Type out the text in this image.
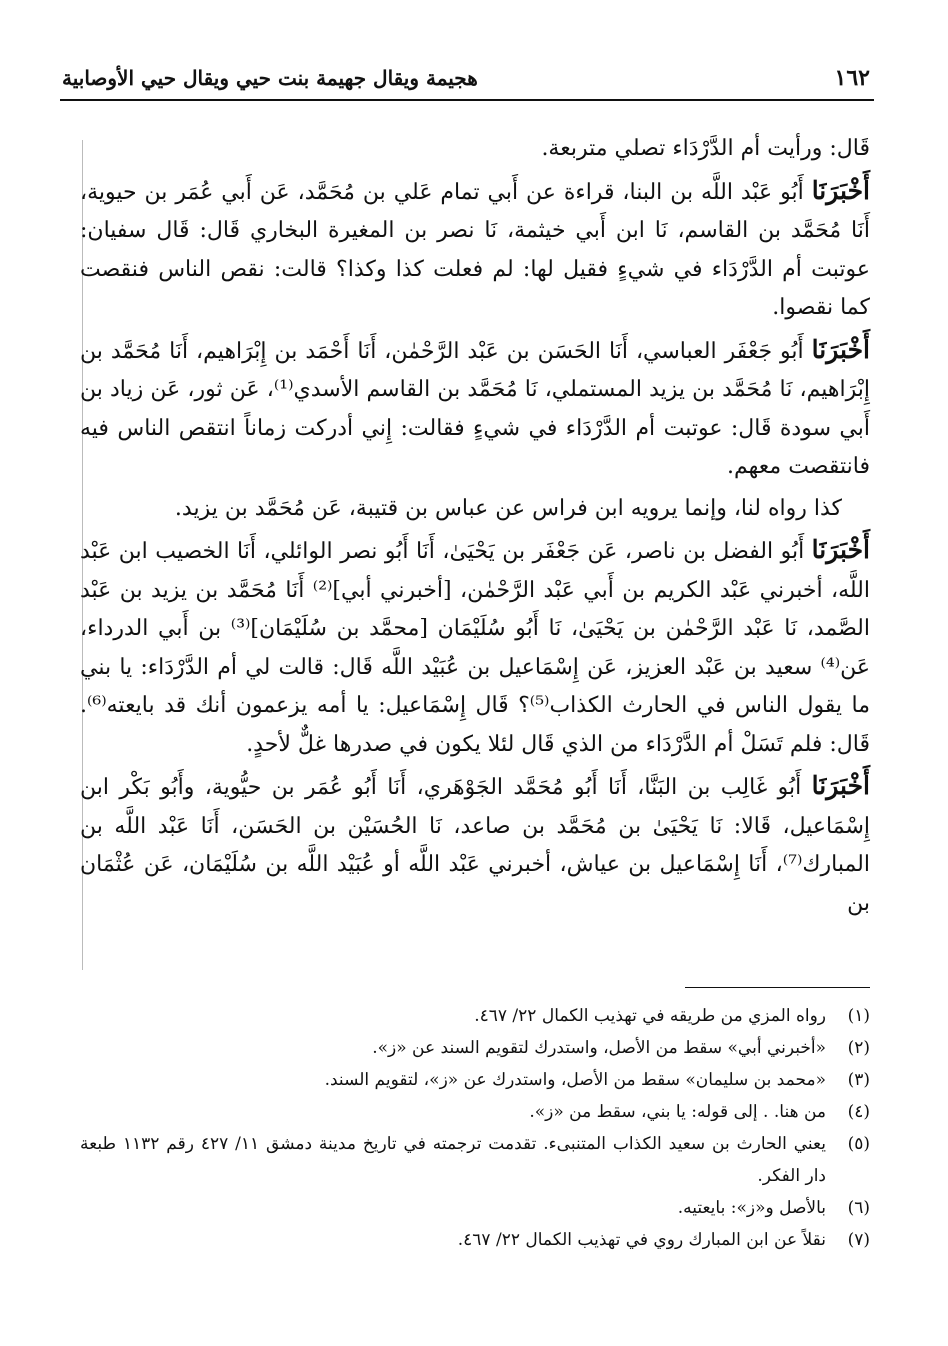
١٦٢
هجيمة ويقال جهيمة بنت حيي ويقال حيي الأوصابية

قَال: ورأيت أم الدَّرْدَاء تصلي متربعة.

أَخْبَرَنَا أَبُو عَبْد اللَّه بن البنا، قراءة عن أَبي تمام عَلي بن مُحَمَّد، عَن أَبي عُمَر بن حيوية، أَنَا مُحَمَّد بن القاسم، نَا ابن أَبي خيثمة، نَا نصر بن المغيرة البخاري قَال: قَال سفيان: عوتبت أم الدَّرْدَاء في شيءٍ فقيل لها: لم فعلت كذا وكذا؟ قالت: نقص الناس فنقصت كما نقصوا.

أَخْبَرَنَا أَبُو جَعْفَر العباسي، أَنَا الحَسَن بن عَبْد الرَّحْمٰن، أَنَا أَحْمَد بن إِبْرَاهيم، أَنَا مُحَمَّد بن إِبْرَاهيم، نَا مُحَمَّد بن يزيد المستملي، نَا مُحَمَّد بن القاسم الأسدي⁽¹⁾، عَن ثور، عَن زياد بن أَبي سودة قَال: عوتبت أم الدَّرْدَاء في شيءٍ فقالت: إِني أدركت زماناً انتقص الناس فيه فانتقصت معهم.

كذا رواه لنا، وإنما يرويه ابن فراس عن عباس بن قتيبة، عَن مُحَمَّد بن يزيد.

أَخْبَرَنَا أَبُو الفضل بن ناصر، عَن جَعْفَر بن يَحْيَىٰ، أَنَا أَبُو نصر الوائلي، أَنَا الخصيب ابن عَبْد اللَّه، أخبرني عَبْد الكريم بن أَبي عَبْد الرَّحْمٰن، [أخبرني أبي]⁽²⁾ أَنَا مُحَمَّد بن يزيد بن عَبْد الصَّمد، نَا عَبْد الرَّحْمٰن بن يَحْيَىٰ، نَا أَبُو سُلَيْمَان [محمَّد بن سُلَيْمَان]⁽³⁾ بن أَبي الدرداء، عَن⁽⁴⁾ سعيد بن عَبْد العزيز، عَن إِسْمَاعيل بن عُبَيْد اللَّه قَال: قالت لي أم الدَّرْدَاء: يا بني ما يقول الناس في الحارث الكذاب⁽⁵⁾؟ قَال إِسْمَاعيل: يا أمه يزعمون أنك قد بايعته⁽⁶⁾. قَال: فلم تَسَلْ أم الدَّرْدَاء من الذي قَال لئلا يكون في صدرها غلٌّ لأحدٍ.

أَخْبَرَنَا أَبُو غَالِب بن البَنَّا، أَنَا أَبُو مُحَمَّد الجَوْهَري، أَنَا أَبُو عُمَر بن حيُّوية، وأَبُو بَكْر ابن إِسْمَاعيل، قَالا: نَا يَحْيَىٰ بن مُحَمَّد بن صاعد، نَا الحُسَيْن بن الحَسَن، أَنَا عَبْد اللَّه بن المبارك⁽⁷⁾، أَنَا إِسْمَاعيل بن عياش، أخبرني عَبْد اللَّه أو عُبَيْد اللَّه بن سُلَيْمَان، عَن عُثْمَان بن

(١)
رواه المزي من طريقه في تهذيب الكمال ٢٢/ ٤٦٧.
(٢)
«أخبرني أبي» سقط من الأصل، واستدرك لتقويم السند عن «ز».
(٣)
«محمد بن سليمان» سقط من الأصل، واستدرك عن «ز»، لتقويم السند.
(٤)
من هنا. . إلى قوله: يا بني، سقط من «ز».
(٥)
يعني الحارث بن سعيد الكذاب المتنبىء. تقدمت ترجمته في تاريخ مدينة دمشق ١١/ ٤٢٧ رقم ١١٣٢ طبعة دار الفكر.
(٦)
بالأصل و«ز»: بايعتيه.
(٧)
نقلاً عن ابن المبارك روي في تهذيب الكمال ٢٢/ ٤٦٧.
